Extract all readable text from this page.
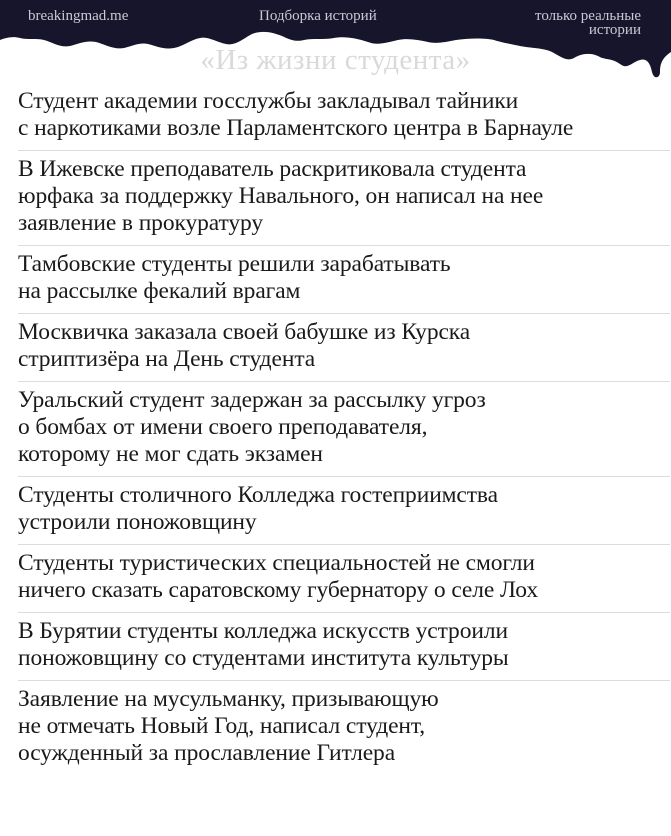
breakingmad.me	Подборка историй	только реальные
истории
«Из жизни студента»
Студент академии госслужбы закладывал тайники
с наркотиками возле Парламентского центра в Барнауле
В Ижевске преподаватель раскритиковала студента
юрфака за поддержку Навального, он написал на нее
заявление в прокуратуру
Тамбовские студенты решили зарабатывать
на рассылке фекалий врагам
Москвичка заказала своей бабушке из Курска
стриптизёра на День студента
Уральский студент задержан за рассылку угроз
о бомбах от имени своего преподавателя,
которому не мог сдать экзамен
Студенты столичного Колледжа гостеприимства
устроили поножовщину
Студенты туристических специальностей не смогли
ничего сказать саратовскому губернатору о селе Лох
В Бурятии студенты колледжа искусств устроили
поножовщину со студентами института культуры
Заявление на мусульманку, призывающую
не отмечать Новый Год, написал студент,
осужденный за прославление Гитлера
